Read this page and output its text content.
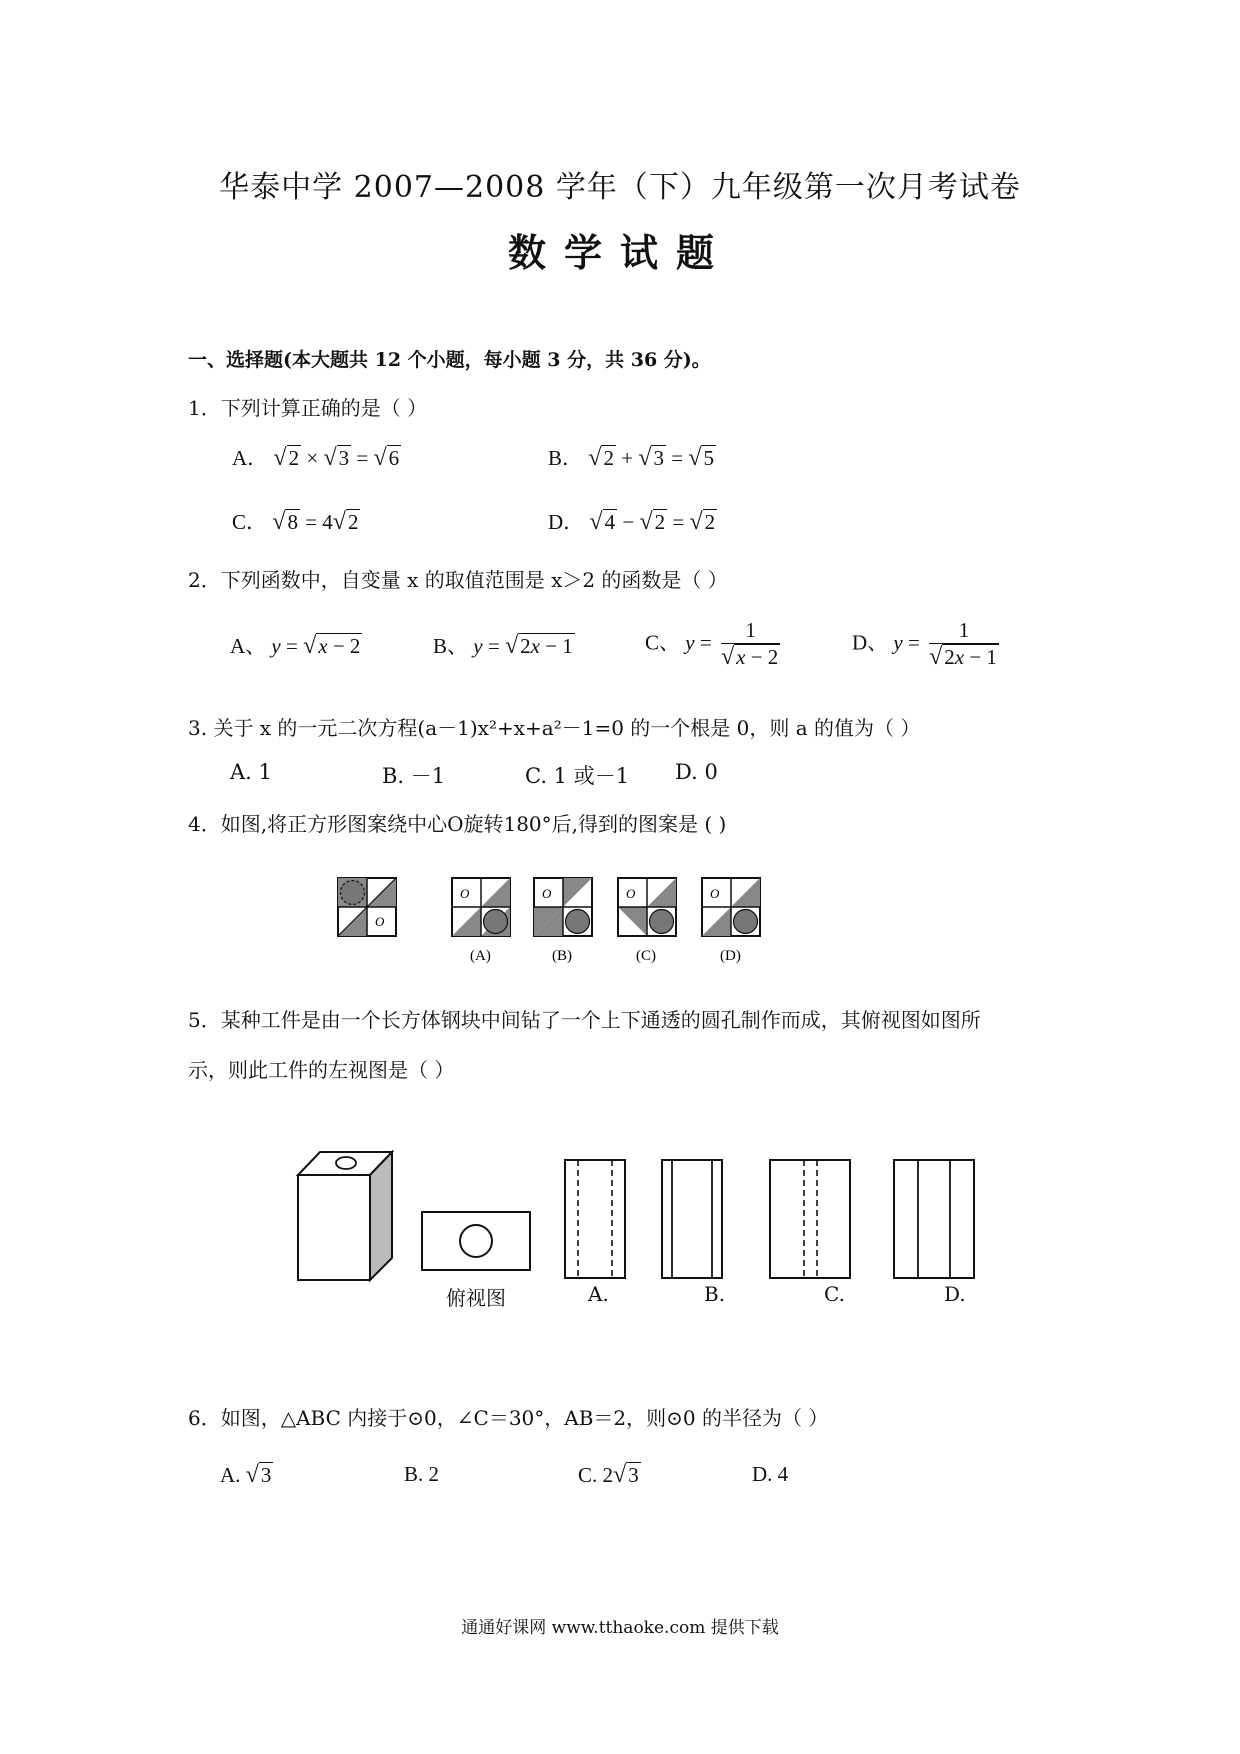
华泰中学 2007—2008 学年（下）九年级第一次月考试卷
数学试题
一、选择题(本大题共 12 个小题，每小题 3 分，共 36 分)。
1．下列计算正确的是（ ）
A． √2 × √3 = √6	B． √2 + √3 = √5
C． √8 = 4√2	D． √4 − √2 = √2
2．下列函数中，自变量 x 的取值范围是 x＞2 的函数是（ ）
A、 y = √x − 2	B、 y = √2x − 1	C、 $y = \frac{1}{√x - 2}$	D、 $y = \frac{1}{√2x - 1}$
3. 关于 x 的一元二次方程(a－1)x²+x+a²－1=0 的一个根是 0，则 a 的值为（ ）
A. 1	B. －1	C. 1 或－1 D. 0
4．如图,将正方形图案绕中心O旋转180°后,得到的图案是 ( )
O
O
(A)
O
(B)
O
(C)
O
(D)
5．某种工件是由一个长方体钢块中间钻了一个上下通透的圆孔制作而成，其俯视图如图所
示，则此工件的左视图是（ ）
俯视图	A.	B.	C.	D.
6．如图，△ABC 内接于⊙0，∠C＝30°，AB＝2，则⊙0 的半径为（ ）
A. √3	B. 2	C. 2√3	D. 4
通通好课网 www.tthaoke.com 提供下载
